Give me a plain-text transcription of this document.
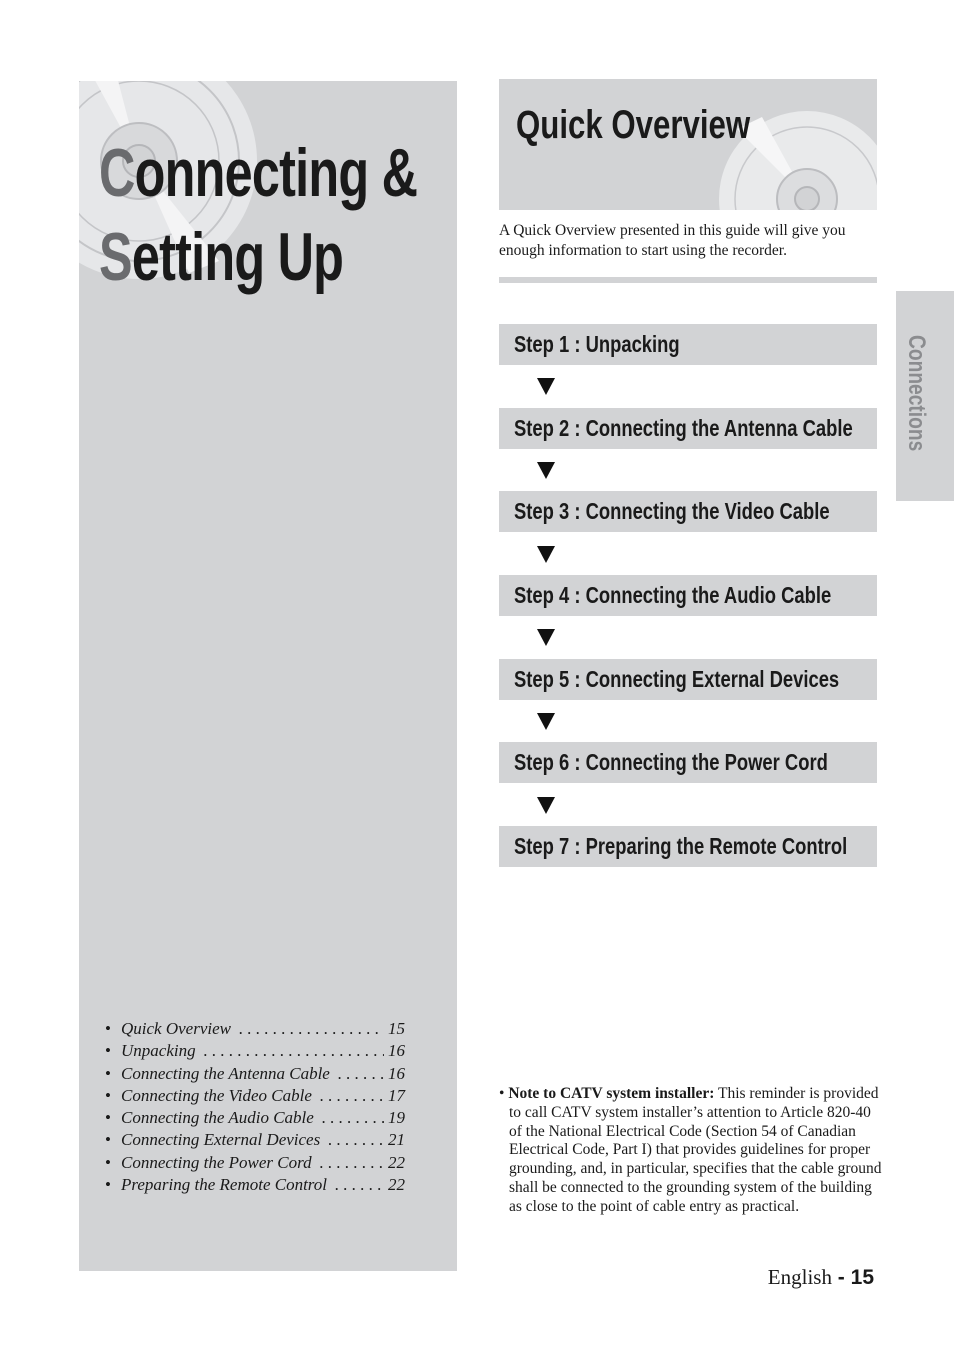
Connecting &
Setting Up
• Quick Overview . . .	15
• Unpacking . . .	16
• Connecting the Antenna Cable . . .	16
• Connecting the Video Cable . . .	17
• Connecting the Audio Cable . . .	19
• Connecting External Devices . . .	21
• Connecting the Power Cord . . .	22
• Preparing the Remote Control . . .	22
Quick Overview

A Quick Overview presented in this guide will give you enough information to start using the recorder.

Step 1 : Unpacking
Step 2 : Connecting the Antenna Cable
Step 3 : Connecting the Video Cable
Step 4 : Connecting the Audio Cable
Step 5 : Connecting External Devices
Step 6 : Connecting the Power Cord
Step 7 : Preparing the Remote Control
Connections

• Note to CATV system installer: This reminder is provided to call CATV system installer’s attention to Article 820-40 of the National Electrical Code (Section 54 of Canadian Electrical Code, Part I) that provides guidelines for proper grounding, and, in particular, specifies that the cable ground shall be connected to the grounding system of the building as close to the point of cable entry as practical.

English - 15
